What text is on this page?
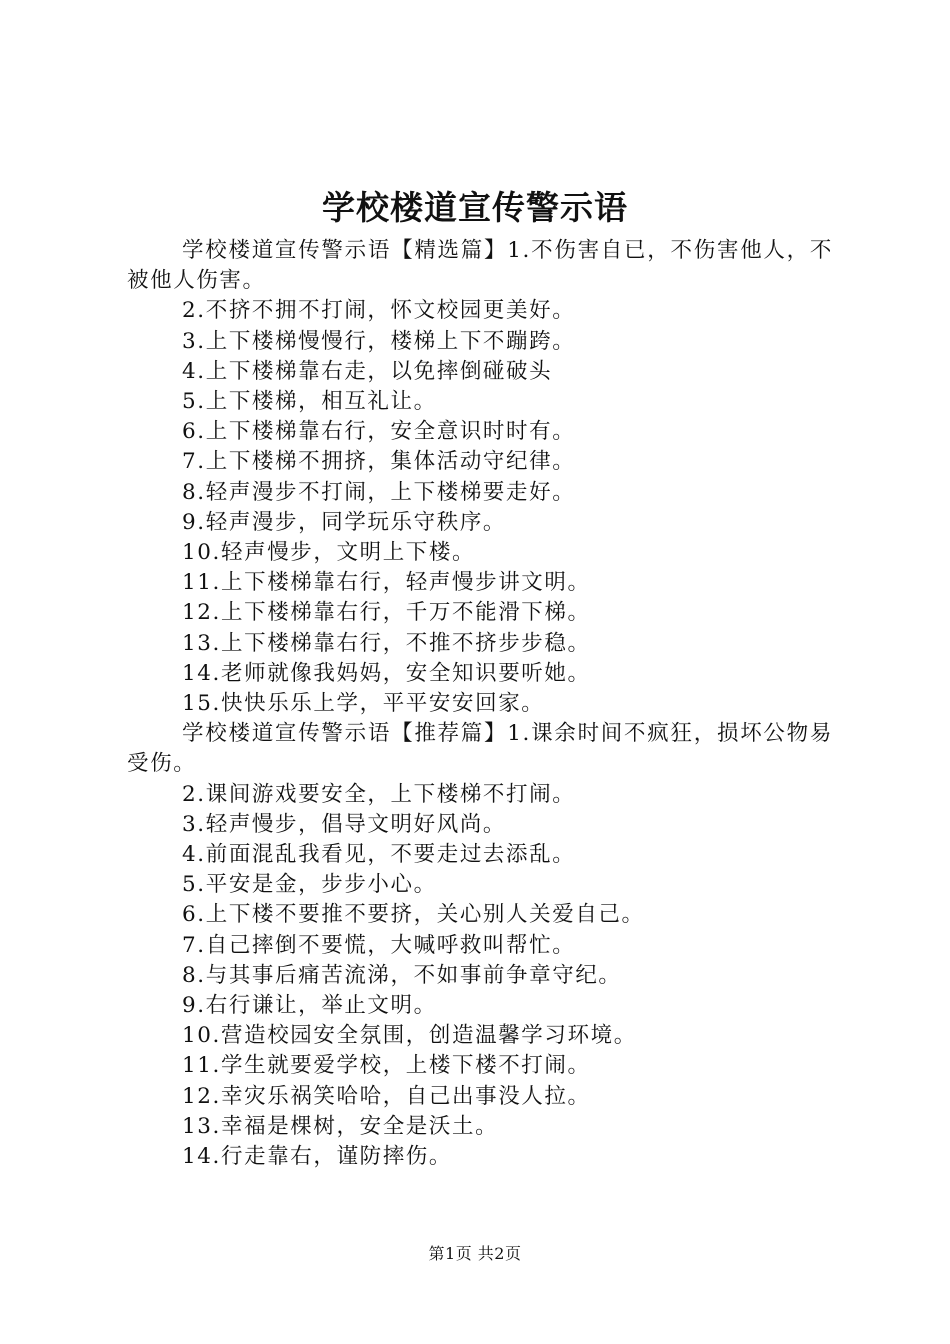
学校楼道宣传警示语

学校楼道宣传警示语【精选篇】1.不伤害自已，不伤害他人，不被他人伤害。

2.不挤不拥不打闹，怀文校园更美好。

3.上下楼梯慢慢行，楼梯上下不蹦跨。

4.上下楼梯靠右走，以免摔倒碰破头

5.上下楼梯，相互礼让。

6.上下楼梯靠右行，安全意识时时有。

7.上下楼梯不拥挤，集体活动守纪律。

8.轻声漫步不打闹，上下楼梯要走好。

9.轻声漫步，同学玩乐守秩序。

10.轻声慢步，文明上下楼。

11.上下楼梯靠右行，轻声慢步讲文明。

12.上下楼梯靠右行，千万不能滑下梯。

13.上下楼梯靠右行，不推不挤步步稳。

14.老师就像我妈妈，安全知识要听她。

15.快快乐乐上学，平平安安回家。

学校楼道宣传警示语【推荐篇】1.课余时间不疯狂，损坏公物易受伤。

2.课间游戏要安全，上下楼梯不打闹。

3.轻声慢步，倡导文明好风尚。

4.前面混乱我看见，不要走过去添乱。

5.平安是金，步步小心。

6.上下楼不要推不要挤，关心别人关爱自己。

7.自己摔倒不要慌，大喊呼救叫帮忙。

8.与其事后痛苦流涕，不如事前争章守纪。

9.右行谦让，举止文明。

10.营造校园安全氛围，创造温馨学习环境。

11.学生就要爱学校，上楼下楼不打闹。

12.幸灾乐祸笑哈哈，自己出事没人拉。

13.幸福是棵树，安全是沃土。

14.行走靠右，谨防摔伤。

第1页 共2页
